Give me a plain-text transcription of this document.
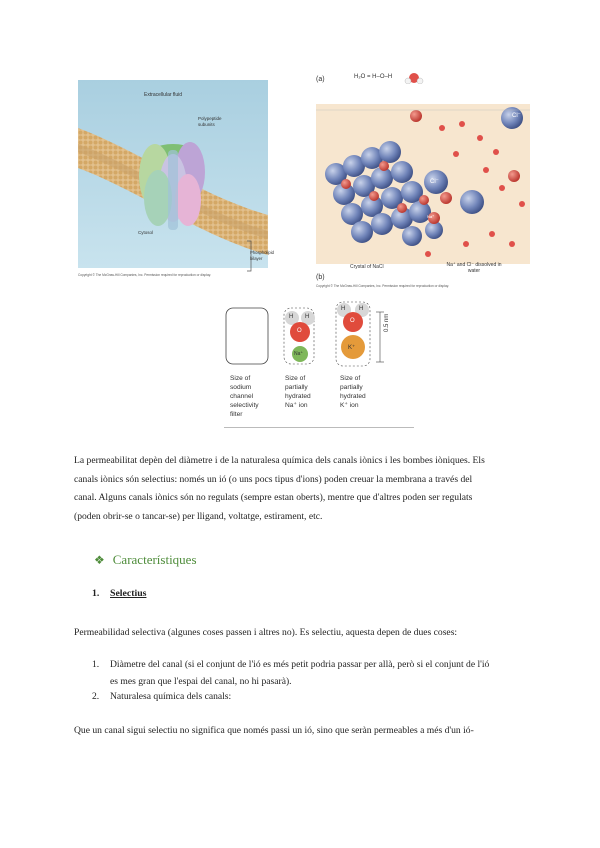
Extracellular fluid
Polypeptide subunits
Cytosol
Phospholipid bilayer
Copyright © The McGraw-Hill Companies, Inc. Permission required for reproduction or display.
(a)	H₂O = H–O–H
Cl⁻
Cl⁻
Na⁺
(b)
Crystal of NaCl	Na⁺ and Cl⁻ dissolved in water
Copyright © The McGraw-Hill Companies, Inc. Permission required for reproduction or display.
H H
O
Na⁺
H H
O
K⁺
0.5 nm
Size of
sodium
channel
selectivity
filter
Size of
partially
hydrated
Na⁺ ion
Size of
partially
hydrated
K⁺ ion
La permeabilitat depèn del diàmetre i de la naturalesa química dels canals iònics i les bombes iòniques. Els
canals iònics són selectius: només un ió (o uns pocs tipus d'ions) poden creuar la membrana a través del
canal. Alguns canals iònics són no regulats (sempre estan oberts), mentre que d'altres poden ser regulats
(poden obrir-se o tancar-se) per lligand, voltatge, estirament, etc.
❖ Característiques
1. Selectius
Permeabilidad selectiva (algunes coses passen i altres no). Es selectiu, aquesta depen de dues coses:
1. Diàmetre del canal (si el conjunt de l'ió es més petit podria passar per allà, però si el conjunt de l'ió
es mes gran que l'espai del canal, no hi pasarà).
2. Naturalesa química dels canals:
Que un canal sigui selectiu no significa que només passi un ió, sino que seràn permeables a més d'un ió-
